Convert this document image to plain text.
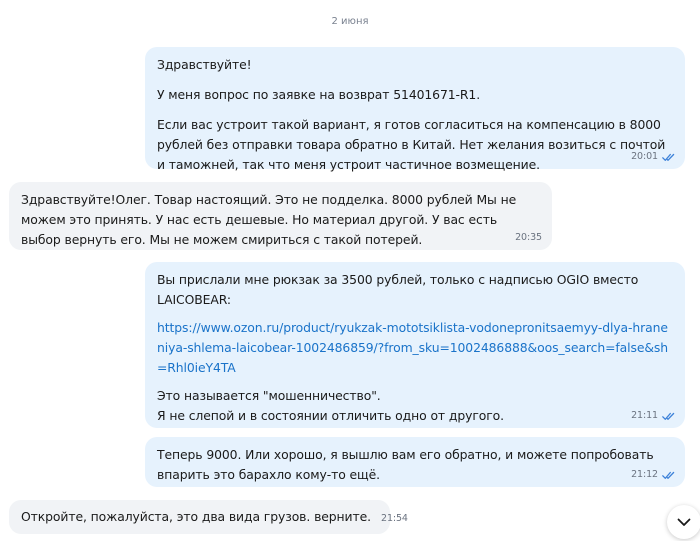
2 июня

Здравствуйте!

У меня вопрос по заявке на возврат 51401671-R1.

Если вас устроит такой вариант, я готов согласиться на компенсацию в 8000 рублей без отправки товара обратно в Китай. Нет желания возиться с почтой и таможней, так что меня устроит частичное возмещение.

20:01

Здравствуйте!Олег. Товар настоящий. Это не подделка. 8000 рублей Мы не можем это принять. У нас есть дешевые. Но материал другой. У вас есть выбор вернуть его. Мы не можем смириться с такой потерей.	20:35

Вы прислали мне рюкзак за 3500 рублей, только с надписью OGIO вместо LAICOBEAR:

https://www.ozon.ru/product/ryukzak-mototsiklista-vodonepronitsaemyy-dlya-hraneniya-shlema-laicobear-1002486859/?from_sku=1002486888&oos_search=false&sh=Rhl0ieY4TA

Это называется "мошенничество".

Я не слепой и в состоянии отличить одно от другого.	21:11

Теперь 9000. Или хорошо, я вышлю вам его обратно, и можете попробовать впарить это барахло кому-то ещё.	21:12
Откройте, пожалуйста, это два вида грузов. верните. 21:54
